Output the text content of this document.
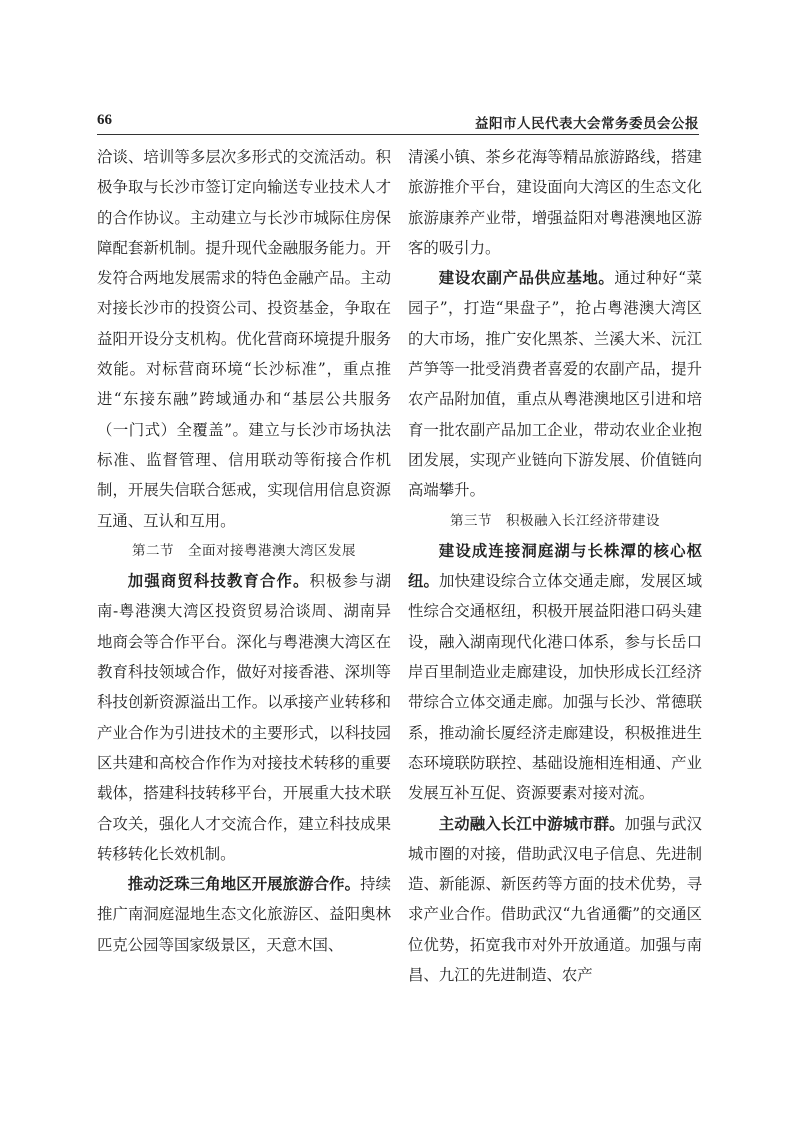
66	益阳市人民代表大会常务委员会公报

洽谈、培训等多层次多形式的交流活动。积极争取与长沙市签订定向输送专业技术人才的合作协议。主动建立与长沙市城际住房保障配套新机制。提升现代金融服务能力。开发符合两地发展需求的特色金融产品。主动对接长沙市的投资公司、投资基金，争取在益阳开设分支机构。优化营商环境提升服务效能。对标营商环境“长沙标准”，重点推进“东接东融”跨域通办和“基层公共服务（一门式）全覆盖”。建立与长沙市场执法标准、监督管理、信用联动等衔接合作机制，开展失信联合惩戒，实现信用信息资源互通、互认和互用。

第二节　全面对接粤港澳大湾区发展

加强商贸科技教育合作。积极参与湖南-粤港澳大湾区投资贸易洽谈周、湖南异地商会等合作平台。深化与粤港澳大湾区在教育科技领域合作，做好对接香港、深圳等科技创新资源溢出工作。以承接产业转移和产业合作为引进技术的主要形式，以科技园区共建和高校合作作为对接技术转移的重要载体，搭建科技转移平台，开展重大技术联合攻关，强化人才交流合作，建立科技成果转移转化长效机制。

推动泛珠三角地区开展旅游合作。持续推广南洞庭湿地生态文化旅游区、益阳奥林匹克公园等国家级景区，天意木国、

清溪小镇、茶乡花海等精品旅游路线，搭建旅游推介平台，建设面向大湾区的生态文化旅游康养产业带，增强益阳对粤港澳地区游客的吸引力。

建设农副产品供应基地。通过种好“菜园子”，打造“果盘子”，抢占粤港澳大湾区的大市场，推广安化黑茶、兰溪大米、沅江芦笋等一批受消费者喜爱的农副产品，提升农产品附加值，重点从粤港澳地区引进和培育一批农副产品加工企业，带动农业企业抱团发展，实现产业链向下游发展、价值链向高端攀升。

第三节　积极融入长江经济带建设

建设成连接洞庭湖与长株潭的核心枢纽。加快建设综合立体交通走廊，发展区域性综合交通枢纽，积极开展益阳港口码头建设，融入湖南现代化港口体系，参与长岳口岸百里制造业走廊建设，加快形成长江经济带综合立体交通走廊。加强与长沙、常德联系，推动渝长厦经济走廊建设，积极推进生态环境联防联控、基础设施相连相通、产业发展互补互促、资源要素对接对流。

主动融入长江中游城市群。加强与武汉城市圈的对接，借助武汉电子信息、先进制造、新能源、新医药等方面的技术优势，寻求产业合作。借助武汉“九省通衢”的交通区位优势，拓宽我市对外开放通道。加强与南昌、九江的先进制造、农产
